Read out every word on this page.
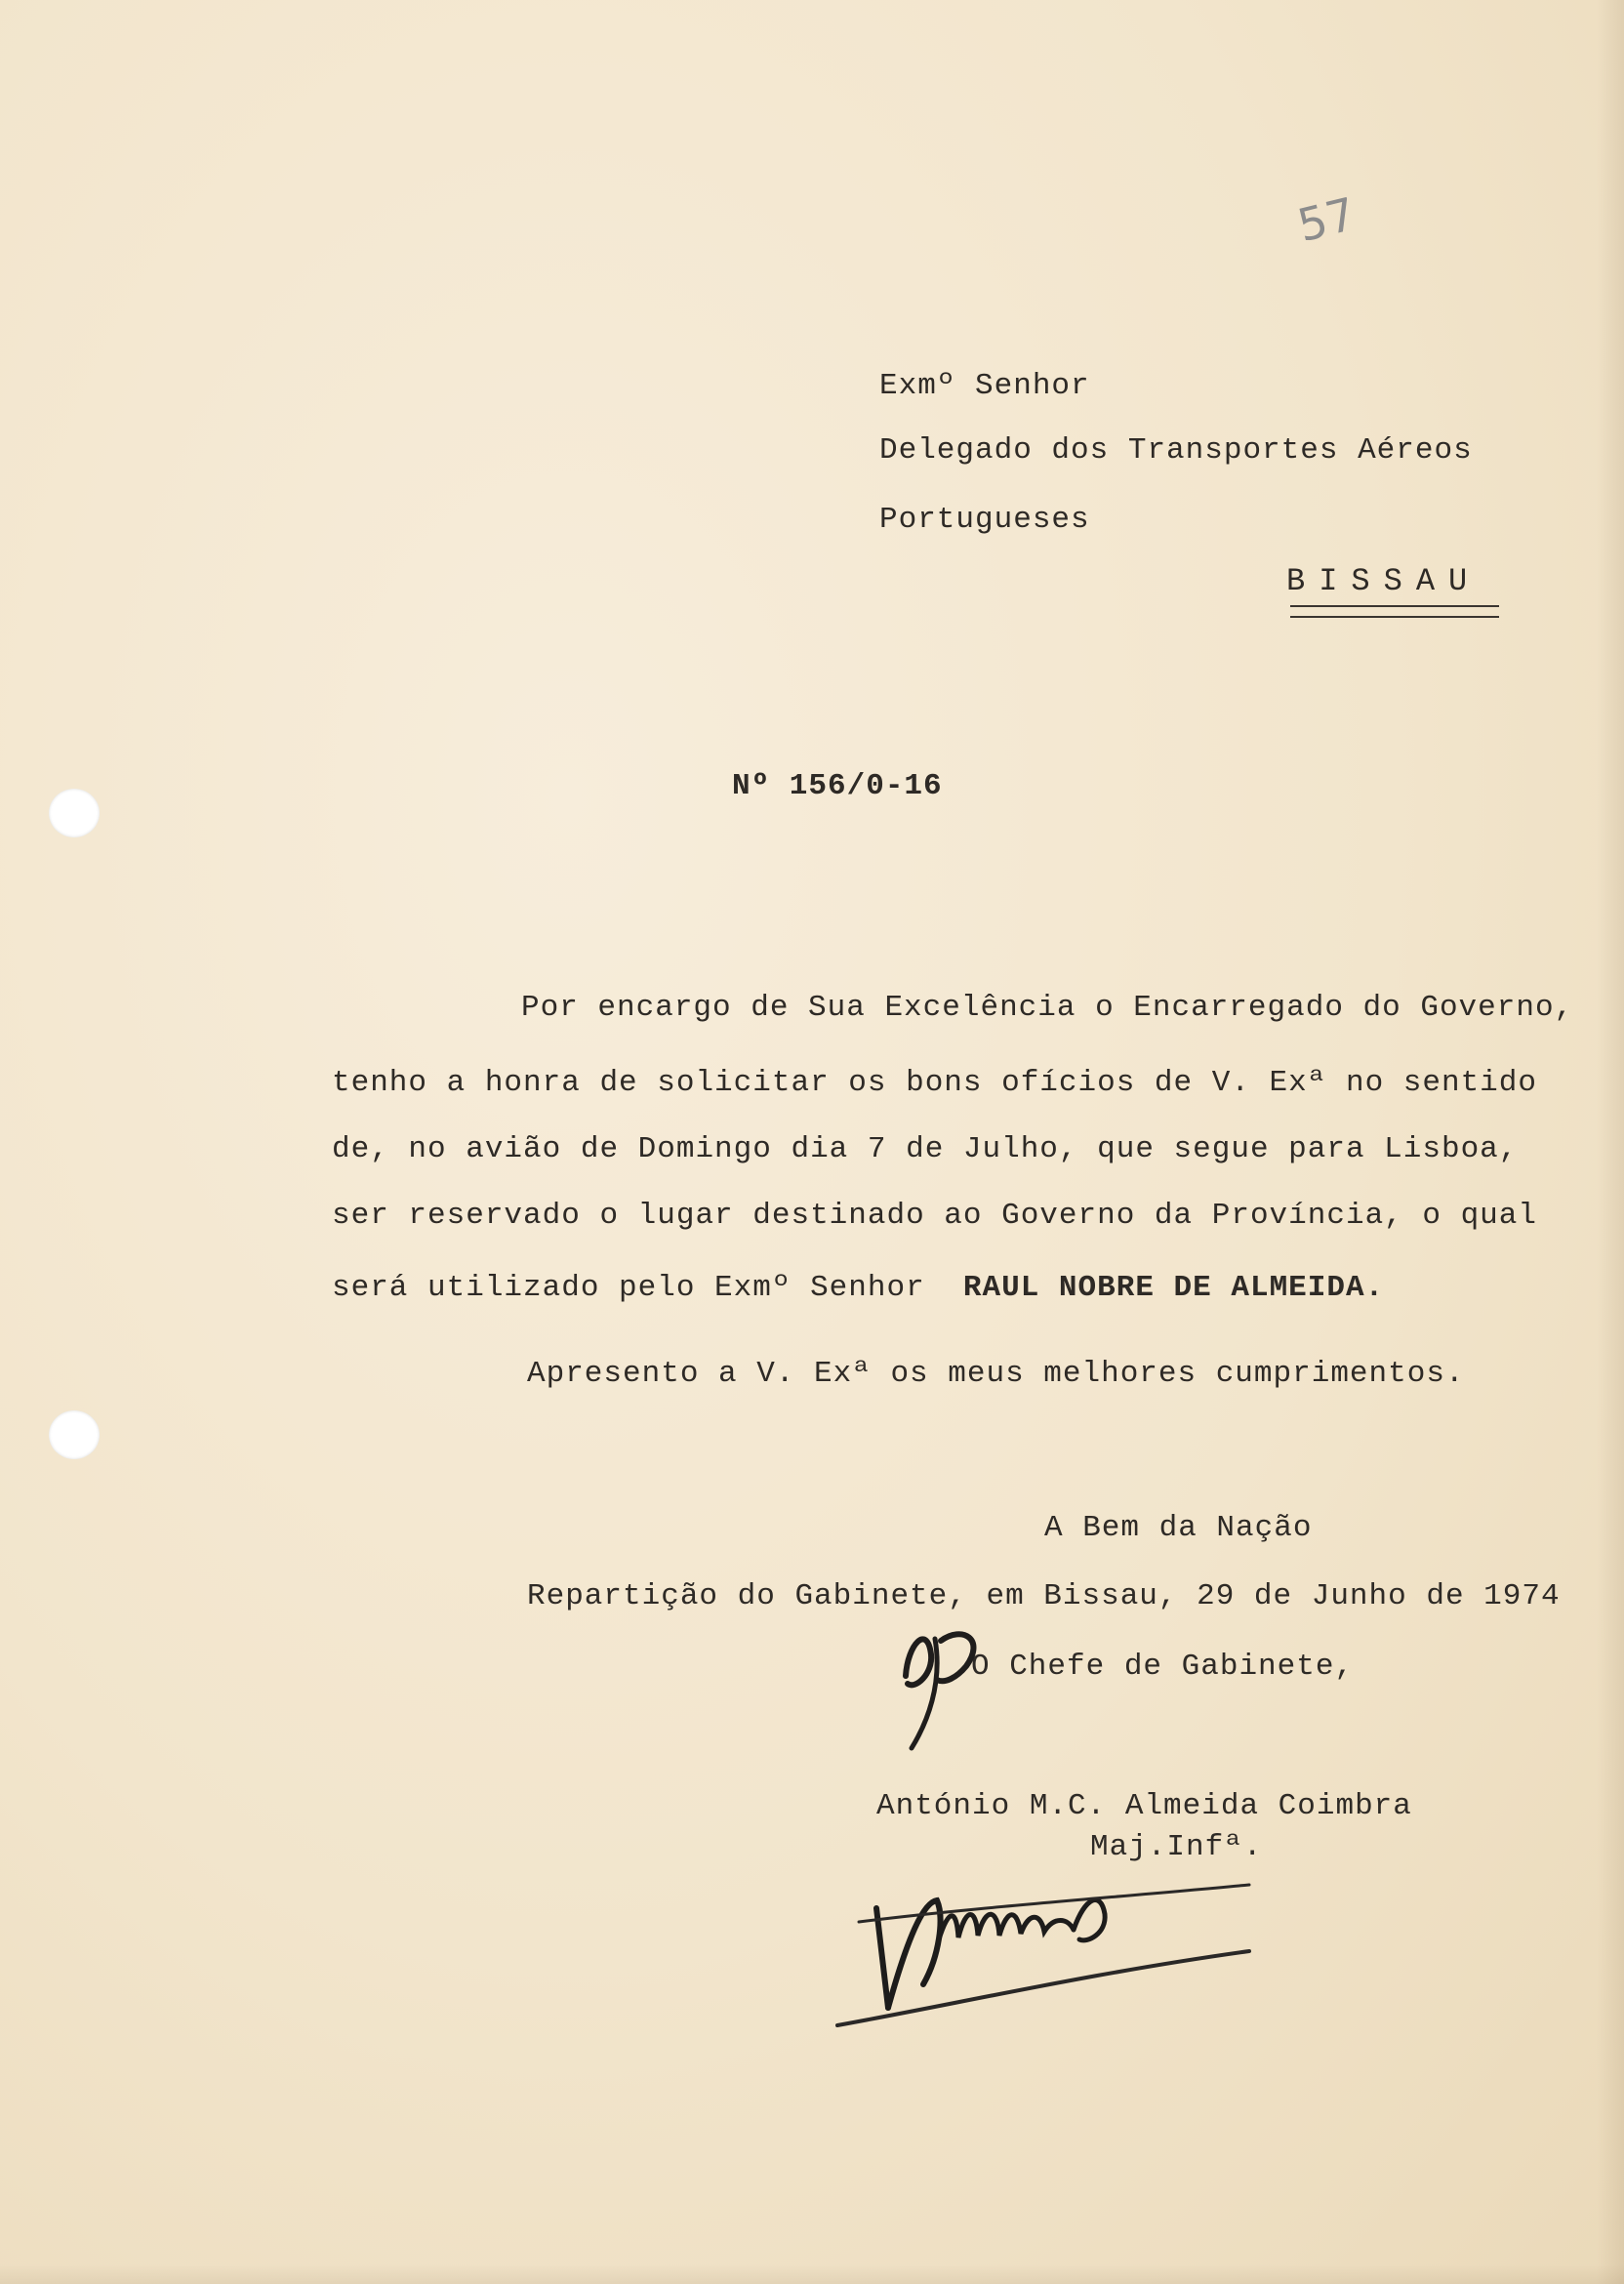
57
Exmº Senhor
Delegado dos Transportes Aéreos
Portugueses
BISSAU
Nº 156/0-16
Por encargo de Sua Excelência o Encarregado do Governo,
tenho a honra de solicitar os bons ofícios de V. Exª no sentido
de, no avião de Domingo dia 7 de Julho, que segue para Lisboa,
ser reservado o lugar destinado ao Governo da Província, o qual
será utilizado pelo Exmº Senhor RAUL NOBRE DE ALMEIDA.
Apresento a V. Exª os meus melhores cumprimentos.
A Bem da Nação
Repartição do Gabinete, em Bissau, 29 de Junho de 1974
O Chefe de Gabinete,
António M.C. Almeida Coimbra
Maj.Infª.
